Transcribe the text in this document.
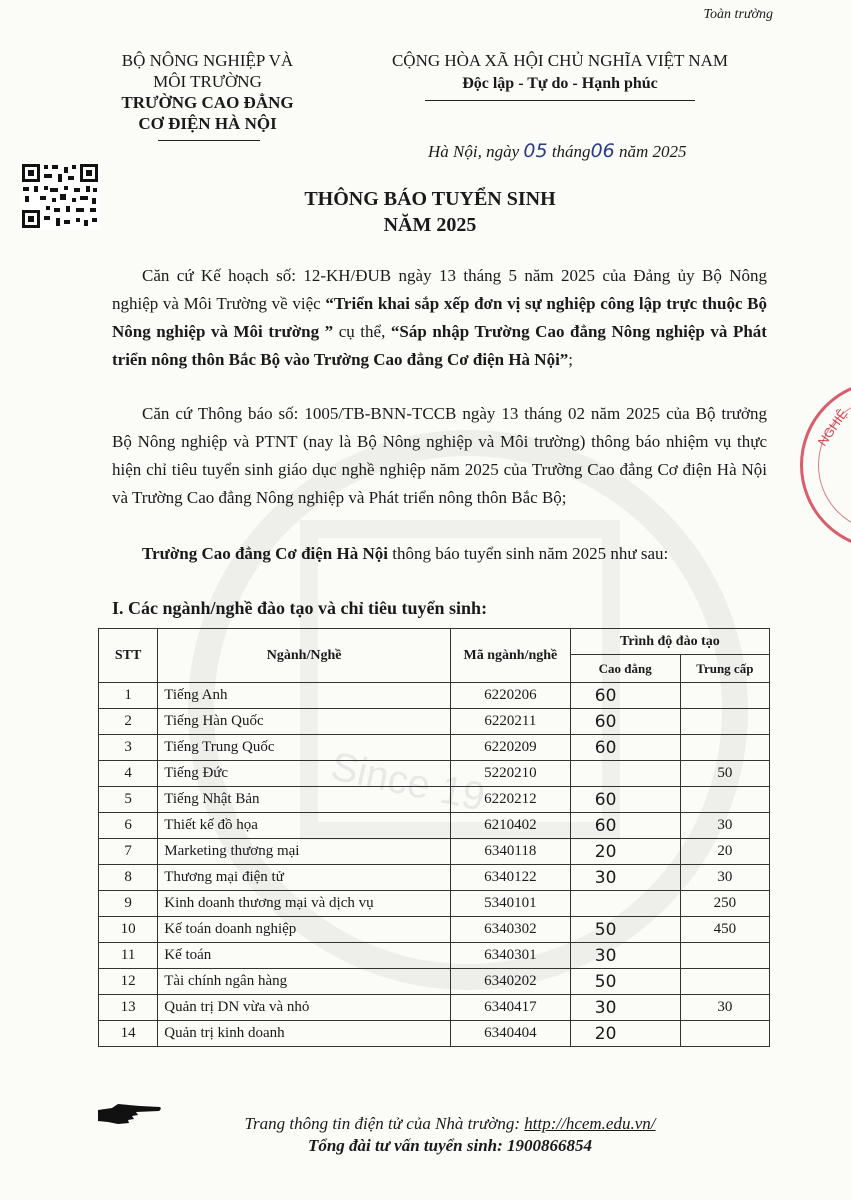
Since 19
NGHIỆ
Toàn trường
BỘ NÔNG NGHIỆP VÀ
MÔI TRƯỜNG
TRƯỜNG CAO ĐẲNG
CƠ ĐIỆN HÀ NỘI
CỘNG HÒA XÃ HỘI CHỦ NGHĨA VIỆT NAM
Độc lập - Tự do - Hạnh phúc
Hà Nội, ngày 05 tháng06 năm 2025
THÔNG BÁO TUYỂN SINH
NĂM 2025
Căn cứ Kế hoạch số: 12-KH/ĐUB ngày 13 tháng 5 năm 2025 của Đảng ủy Bộ Nông nghiệp và Môi Trường về việc “Triển khai sắp xếp đơn vị sự nghiệp công lập trực thuộc Bộ Nông nghiệp và Môi trường ” cụ thể, “Sáp nhập Trường Cao đẳng Nông nghiệp và Phát triển nông thôn Bắc Bộ vào Trường Cao đẳng Cơ điện Hà Nội”;
Căn cứ Thông báo số: 1005/TB-BNN-TCCB ngày 13 tháng 02 năm 2025 của Bộ trưởng Bộ Nông nghiệp và PTNT (nay là Bộ Nông nghiệp và Môi trường) thông báo nhiệm vụ thực hiện chỉ tiêu tuyển sinh giáo dục nghề nghiệp năm 2025 của Trường Cao đẳng Cơ điện Hà Nội và Trường Cao đẳng Nông nghiệp và Phát triển nông thôn Bắc Bộ;
Trường Cao đẳng Cơ điện Hà Nội thông báo tuyển sinh năm 2025 như sau:
I. Các ngành/nghề đào tạo và chỉ tiêu tuyển sinh:
STT	Ngành/Nghề	Mã ngành/nghề	Trình độ đào tạo	
			Cao đẳng	Trung cấp
1	Tiếng Anh	6220206	60	
2	Tiếng Hàn Quốc	6220211	60	
3	Tiếng Trung Quốc	6220209	60	
4	Tiếng Đức	5220210		50
5	Tiếng Nhật Bản	6220212	60	
6	Thiết kế đồ họa	6210402	60	30
7	Marketing thương mại	6340118	20	20
8	Thương mại điện tử	6340122	30	30
9	Kinh doanh thương mại và dịch vụ	5340101		250
10	Kế toán doanh nghiệp	6340302	50	450
11	Kế toán	6340301	30	
12	Tài chính ngân hàng	6340202	50	
13	Quản trị DN vừa và nhỏ	6340417	30	30
14	Quản trị kinh doanh	6340404	20	
Trang thông tin điện tử của Nhà trường: http://hcem.edu.vn/
Tổng đài tư vấn tuyển sinh: 1900866854
